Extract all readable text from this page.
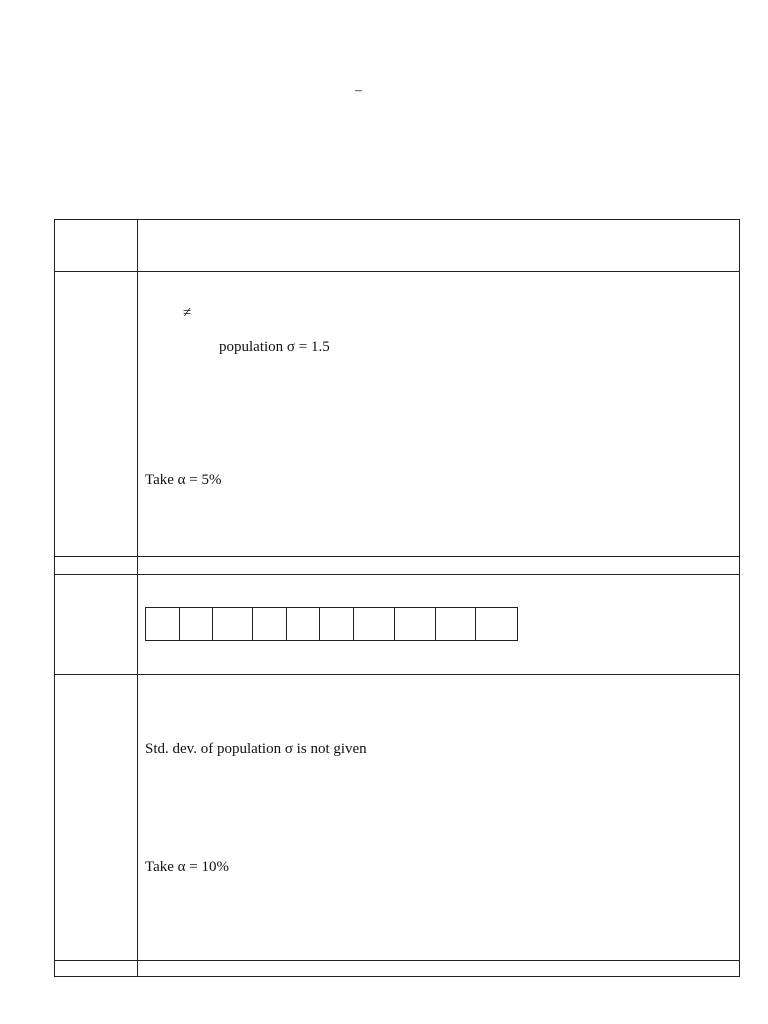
–
≠
population σ = 1.5
Take α = 5%
Std. dev. of population σ is not given
Take α = 10%
